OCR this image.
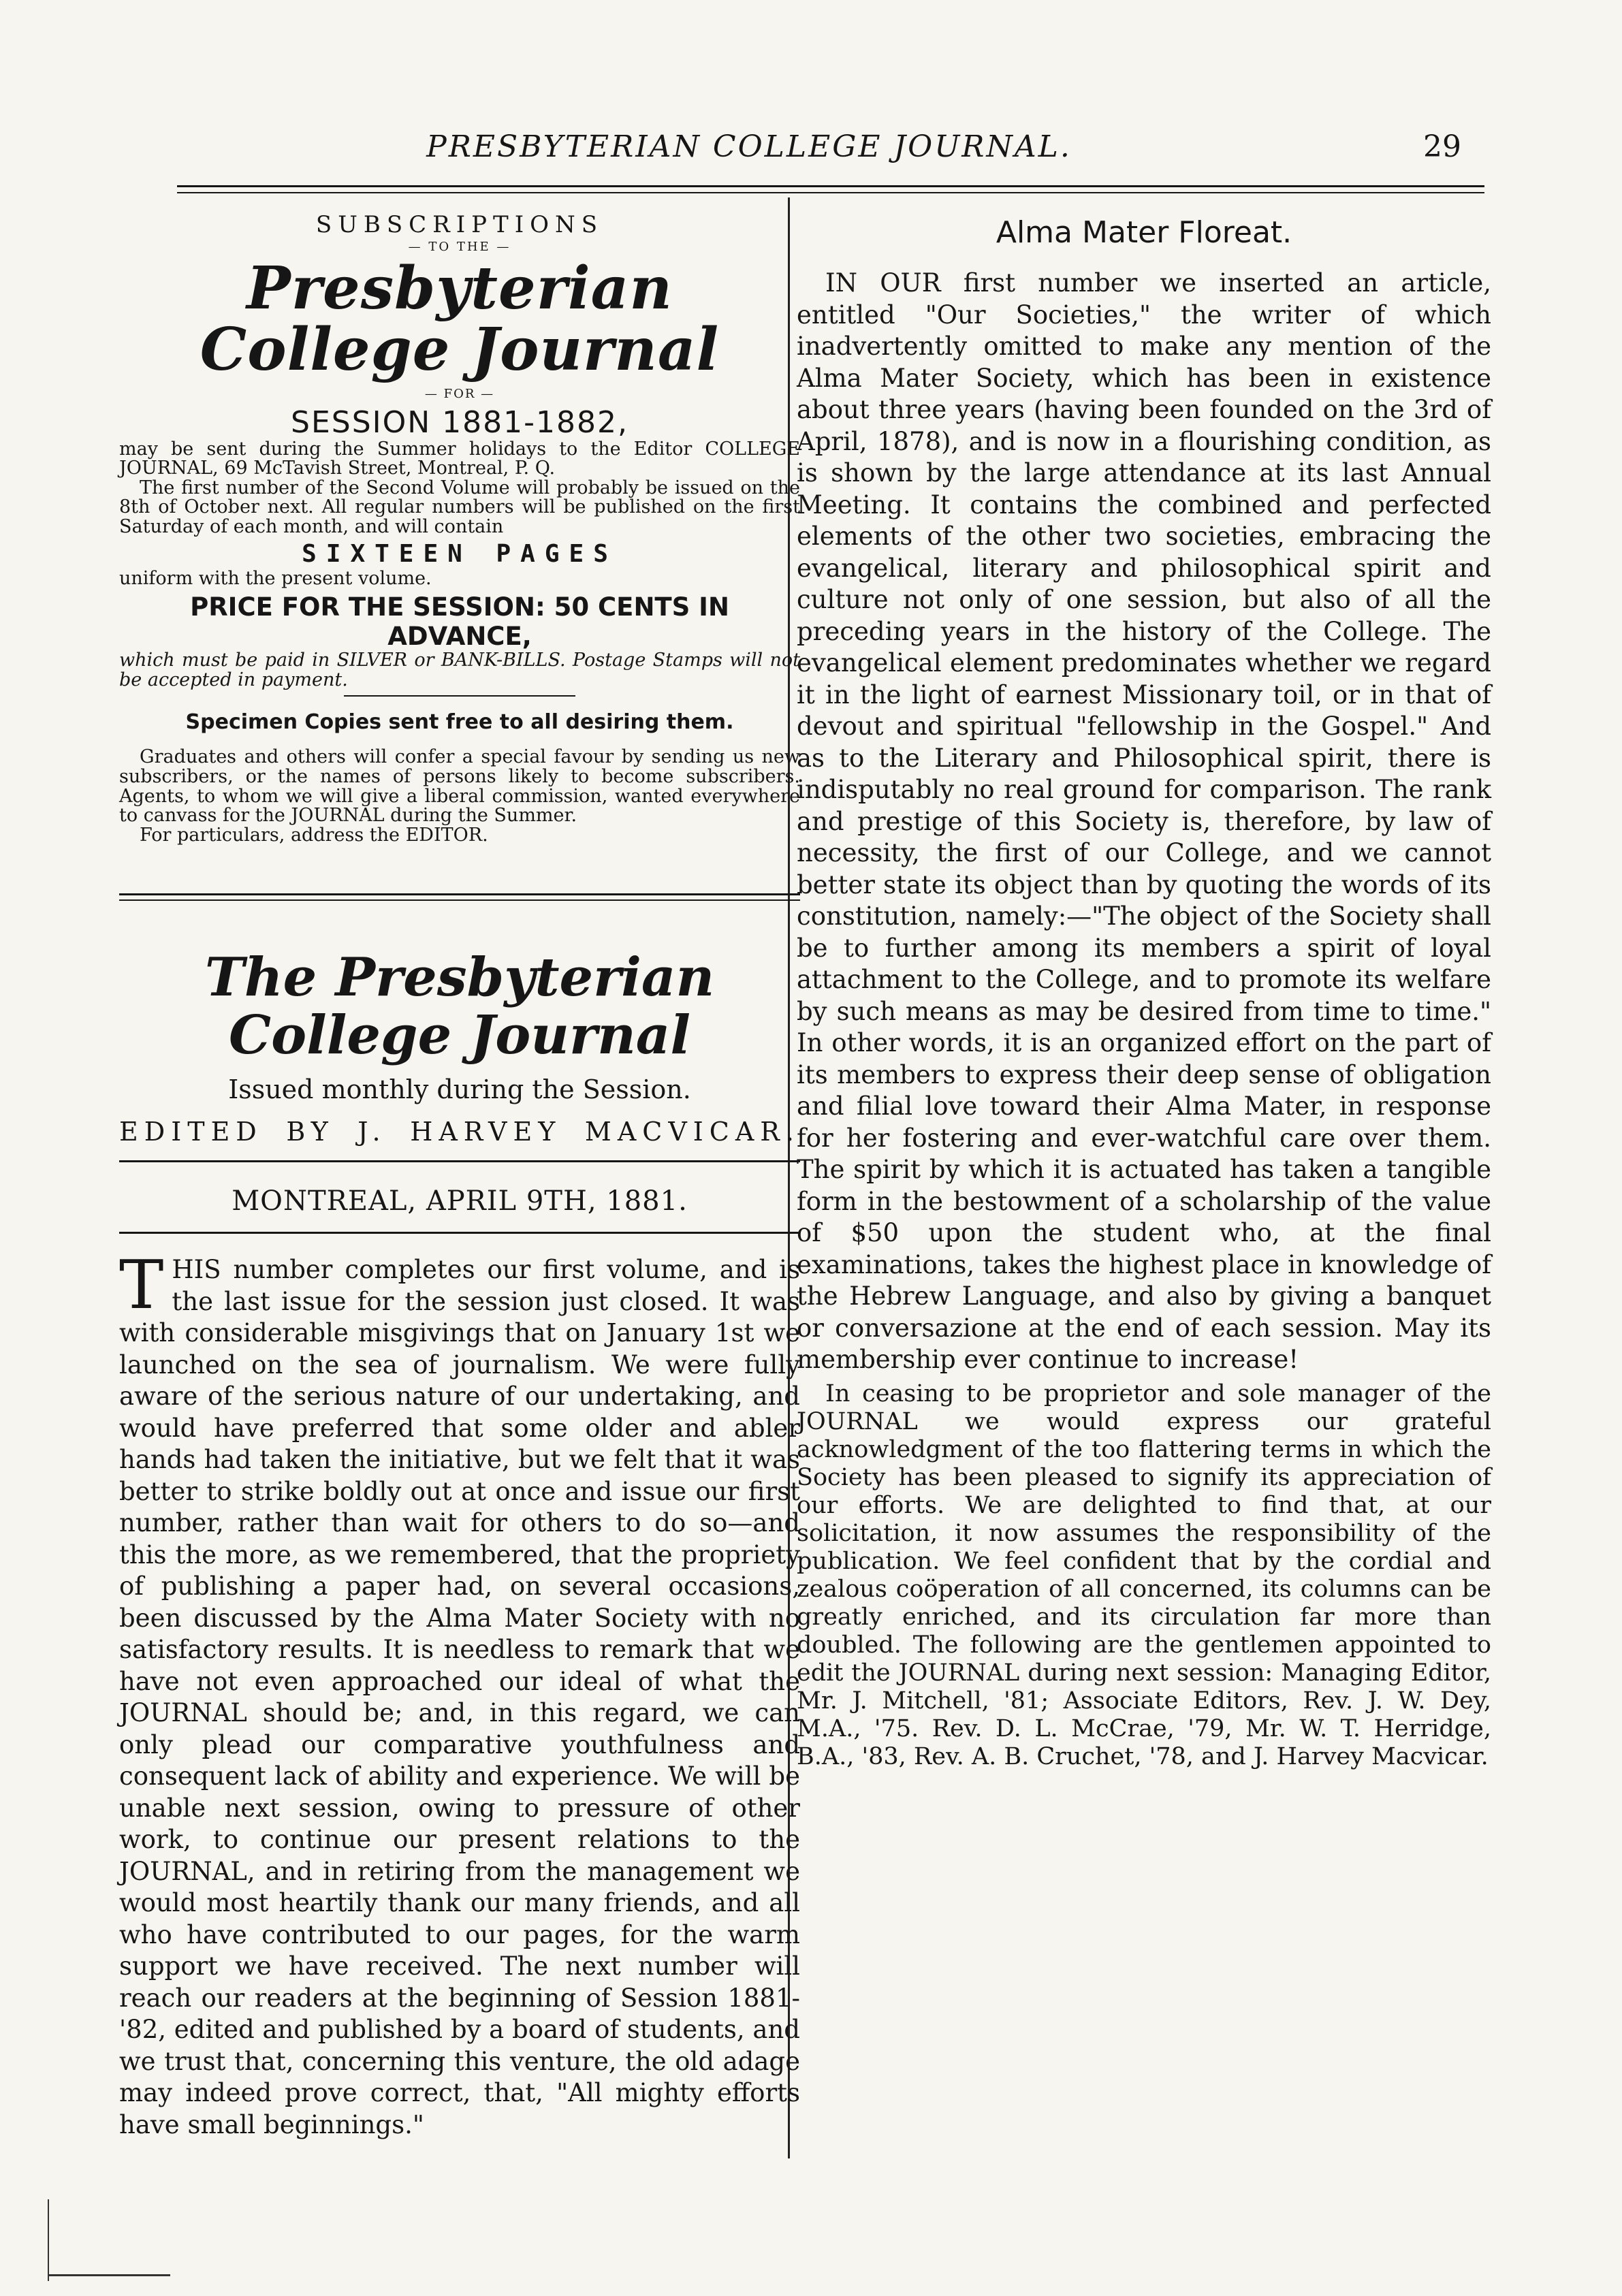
PRESBYTERIAN COLLEGE JOURNAL.	29
SUBSCRIPTIONS
— TO THE —
Presbyterian College Journal
— FOR —
SESSION 1881-1882,
may be sent during the Summer holidays to the Editor COLLEGE JOURNAL, 69 McTavish Street, Montreal, P. Q.
The first number of the Second Volume will probably be issued on the 8th of October next. All regular numbers will be published on the first Saturday of each month, and will contain
SIXTEEN PAGES
uniform with the present volume.
PRICE FOR THE SESSION: 50 CENTS IN ADVANCE,
which must be paid in SILVER or BANK-BILLS. Postage Stamps will not be accepted in payment.
Specimen Copies sent free to all desiring them.
Graduates and others will confer a special favour by sending us new subscribers, or the names of persons likely to become subscribers. Agents, to whom we will give a liberal commission, wanted everywhere to canvass for the JOURNAL during the Summer.
For particulars, address the EDITOR.
The Presbyterian College Journal
Issued monthly during the Session.
EDITED BY J. HARVEY MACVICAR.
MONTREAL, APRIL 9TH, 1881.
THIS number completes our first volume, and is the last issue for the session just closed. It was with considerable misgivings that on January 1st we launched on the sea of journalism. We were fully aware of the serious nature of our undertaking, and would have preferred that some older and abler hands had taken the initiative, but we felt that it was better to strike boldly out at once and issue our first number, rather than wait for others to do so—and this the more, as we remembered, that the propriety of publishing a paper had, on several occasions, been discussed by the Alma Mater Society with no satisfactory results. It is needless to remark that we have not even approached our ideal of what the JOURNAL should be; and, in this regard, we can only plead our comparative youthfulness and consequent lack of ability and experience. We will be unable next session, owing to pressure of other work, to continue our present relations to the JOURNAL, and in retiring from the management we would most heartily thank our many friends, and all who have contributed to our pages, for the warm support we have received. The next number will reach our readers at the beginning of Session 1881-'82, edited and published by a board of students, and we trust that, concerning this venture, the old adage may indeed prove correct, that, "All mighty efforts have small beginnings."
Alma Mater Floreat.
IN OUR first number we inserted an article, entitled "Our Societies," the writer of which inadvertently omitted to make any mention of the Alma Mater Society, which has been in existence about three years (having been founded on the 3rd of April, 1878), and is now in a flourishing condition, as is shown by the large attendance at its last Annual Meeting. It contains the combined and perfected elements of the other two societies, embracing the evangelical, literary and philosophical spirit and culture not only of one session, but also of all the preceding years in the history of the College. The evangelical element predominates whether we regard it in the light of earnest Missionary toil, or in that of devout and spiritual "fellowship in the Gospel." And as to the Literary and Philosophical spirit, there is indisputably no real ground for comparison. The rank and prestige of this Society is, therefore, by law of necessity, the first of our College, and we cannot better state its object than by quoting the words of its constitution, namely:—"The object of the Society shall be to further among its members a spirit of loyal attachment to the College, and to promote its welfare by such means as may be desired from time to time." In other words, it is an organized effort on the part of its members to express their deep sense of obligation and filial love toward their Alma Mater, in response for her fostering and ever-watchful care over them. The spirit by which it is actuated has taken a tangible form in the bestowment of a scholarship of the value of $50 upon the student who, at the final examinations, takes the highest place in knowledge of the Hebrew Language, and also by giving a banquet or conversazione at the end of each session. May its membership ever continue to increase!
In ceasing to be proprietor and sole manager of the JOURNAL we would express our grateful acknowledgment of the too flattering terms in which the Society has been pleased to signify its appreciation of our efforts. We are delighted to find that, at our solicitation, it now assumes the responsibility of the publication. We feel confident that by the cordial and zealous coöperation of all concerned, its columns can be greatly enriched, and its circulation far more than doubled. The following are the gentlemen appointed to edit the JOURNAL during next session: Managing Editor, Mr. J. Mitchell, '81; Associate Editors, Rev. J. W. Dey, M.A., '75. Rev. D. L. McCrae, '79, Mr. W. T. Herridge, B.A., '83, Rev. A. B. Cruchet, '78, and J. Harvey Macvicar.
